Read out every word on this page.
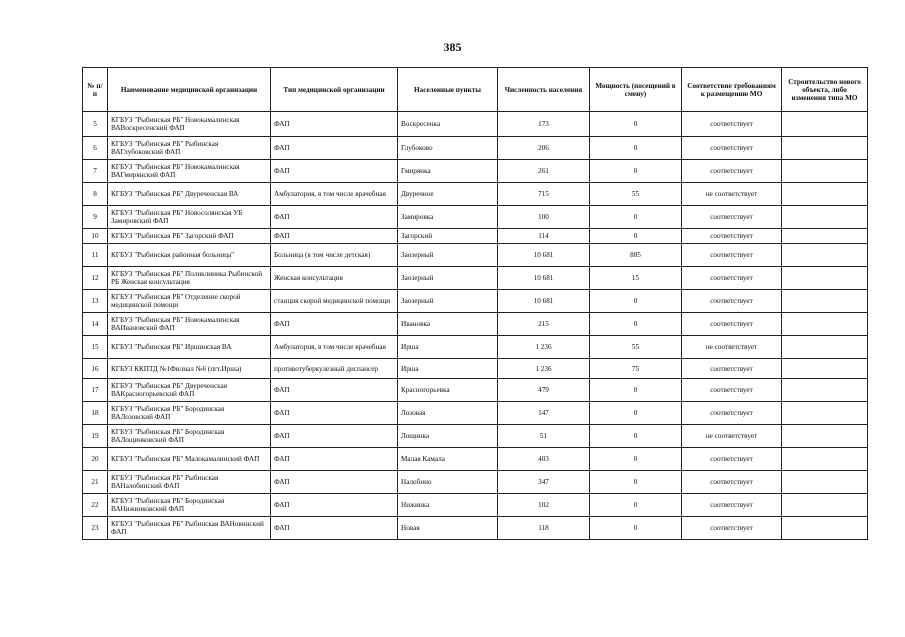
385
№ п/п	Наименование медицинской организации	Тип медицинской организации	Населенные пункты	Численность населения	Мощность (посещений в смену)	Соответствие требованиям к размещению МО	Строительство нового объекта, либо изменения типа МО
5	КГБУЗ "Рыбинская РБ" Новокамалинская ВАВоскресенский ФАП	ФАП	Воскресенка	173	0	соответствует	
6	КГБУЗ "Рыбинская РБ" Рыбинская ВАГлубоковский ФАП	ФАП	Глубоково	206	0	соответствует	
7	КГБУЗ "Рыбинская РБ" Новокамалинская ВАГмирянский ФАП	ФАП	Гмирянка	261	0	соответствует	
8	КГБУЗ "Рыбинская РБ" Двуреченская ВА	Амбулатория, в том числе врачебная	Двуречное	715	55	не соответствует	
9	КГБУЗ "Рыбинская РБ" Новосолянская УБ Замировский ФАП	ФАП	Замировка	100	0	соответствует	
10	КГБУЗ "Рыбинская РБ" Загорский ФАП	ФАП	Загорский	114	0	соответствует	
11	КГБУЗ "Рыбинская районная больница"	Больница (в том числе детская)	Заозерный	10 681	885	соответствует	
12	КГБУЗ "Рыбинская РБ" Поликлиника Рыбинской РБ Женская консультация	Женская консультация	Заозерный	10 681	15	соответствует	
13	КГБУЗ "Рыбинская РБ" Отделение скорой медицинской помощи	станция скорой медицинской помощи	Заозерный	10 681	0	соответствует	
14	КГБУЗ "Рыбинская РБ" Новокамалинская ВАИвановский ФАП	ФАП	Ивановка	215	0	соответствует	
15	КГБУЗ "Рыбинская РБ" Иршинская ВА	Амбулатория, в том числе врачебная	Ирша	1 236	55	не соответствует	
16	КГБУЗ ККПТД №1Филиал №6 (пгт.Ирша)	противотуберкулезный диспансер	Ирша	1 236	75	соответствует	
17	КГБУЗ "Рыбинская РБ" Двуреченская ВАКрасногорьевский ФАП	ФАП	Красногорьевка	479	0	соответствует	
18	КГБУЗ "Рыбинская РБ" Бородинская ВАЛозовский ФАП	ФАП	Лозовая	147	0	соответствует	
19	КГБУЗ "Рыбинская РБ" Бородинская ВАЛощинковский ФАП	ФАП	Лощинка	51	0	не соответствует	
20	КГБУЗ "Рыбинская РБ" Малокамалинский ФАП	ФАП	Малая Камала	403	0	соответствует	
21	КГБУЗ "Рыбинская РБ" Рыбинская ВАНалобинский ФАП	ФАП	Налобино	347	0	соответствует	
22	КГБУЗ "Рыбинская РБ" Бородинская ВАНижинковский ФАП	ФАП	Нижинка	102	0	соответствует	
23	КГБУЗ "Рыбинская РБ" Рыбинская ВАНовинский ФАП	ФАП	Новая	118	0	соответствует	
